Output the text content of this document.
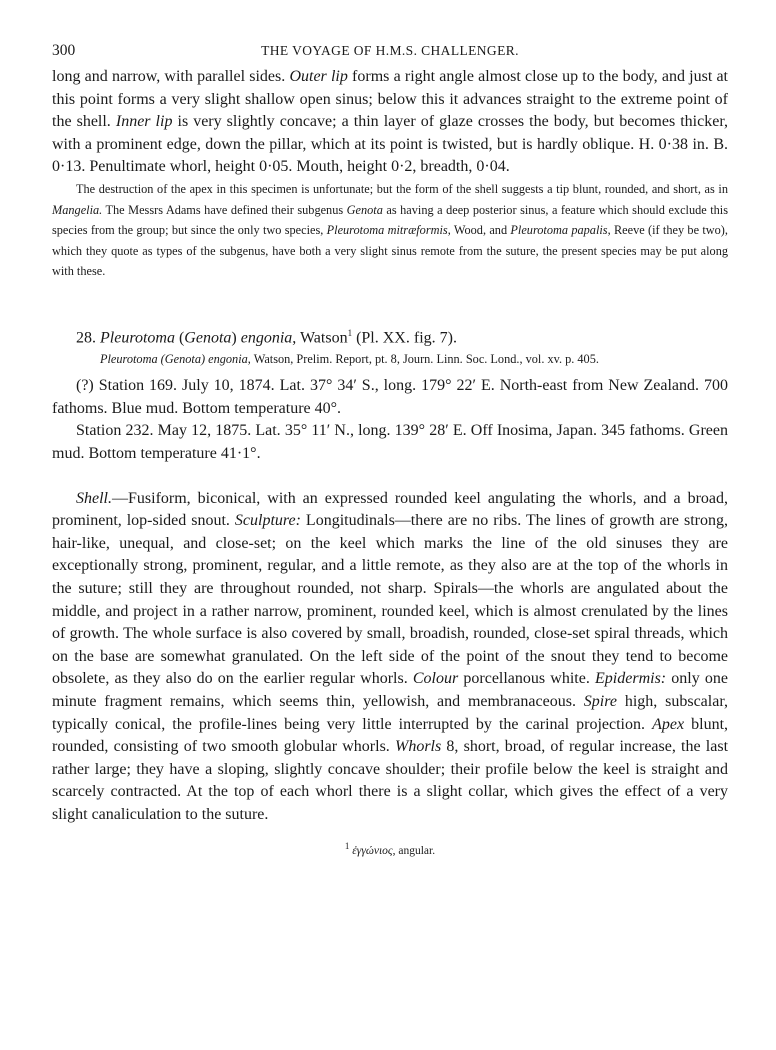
300	THE VOYAGE OF H.M.S. CHALLENGER.

long and narrow, with parallel sides. Outer lip forms a right angle almost close up to the body, and just at this point forms a very slight shallow open sinus; below this it advances straight to the extreme point of the shell. Inner lip is very slightly concave; a thin layer of glaze crosses the body, but becomes thicker, with a prominent edge, down the pillar, which at its point is twisted, but is hardly oblique. H. 0·38 in. B. 0·13. Penultimate whorl, height 0·05. Mouth, height 0·2, breadth, 0·04.

The destruction of the apex in this specimen is unfortunate; but the form of the shell suggests a tip blunt, rounded, and short, as in Mangelia. The Messrs Adams have defined their subgenus Genota as having a deep posterior sinus, a feature which should exclude this species from the group; but since the only two species, Pleurotoma mitræformis, Wood, and Pleurotoma papalis, Reeve (if they be two), which they quote as types of the subgenus, have both a very slight sinus remote from the suture, the present species may be put along with these.

28. Pleurotoma (Genota) engonia, Watson$^1$ (Pl. XX. fig. 7).

Pleurotoma (Genota) engonia, Watson, Prelim. Report, pt. 8, Journ. Linn. Soc. Lond., vol. xv. p. 405.

(?) Station 169. July 10, 1874. Lat. 37° 34′ S., long. 179° 22′ E. North-east from New Zealand. 700 fathoms. Blue mud. Bottom temperature 40°.

Station 232. May 12, 1875. Lat. 35° 11′ N., long. 139° 28′ E. Off Inosima, Japan. 345 fathoms. Green mud. Bottom temperature 41·1°.

Shell.—Fusiform, biconical, with an expressed rounded keel angulating the whorls, and a broad, prominent, lop-sided snout. Sculpture: Longitudinals—there are no ribs. The lines of growth are strong, hair-like, unequal, and close-set; on the keel which marks the line of the old sinuses they are exceptionally strong, prominent, regular, and a little remote, as they also are at the top of the whorls in the suture; still they are throughout rounded, not sharp. Spirals—the whorls are angulated about the middle, and project in a rather narrow, prominent, rounded keel, which is almost crenulated by the lines of growth. The whole surface is also covered by small, broadish, rounded, close-set spiral threads, which on the base are somewhat granulated. On the left side of the point of the snout they tend to become obsolete, as they also do on the earlier regular whorls. Colour porcellanous white. Epidermis: only one minute fragment remains, which seems thin, yellowish, and membranaceous. Spire high, subscalar, typically conical, the profile-lines being very little interrupted by the carinal projection. Apex blunt, rounded, consisting of two smooth globular whorls. Whorls 8, short, broad, of regular increase, the last rather large; they have a sloping, slightly concave shoulder; their profile below the keel is straight and scarcely contracted. At the top of each whorl there is a slight collar, which gives the effect of a very slight canaliculation to the suture.

$^1$ ἐγγώνιος, angular.
